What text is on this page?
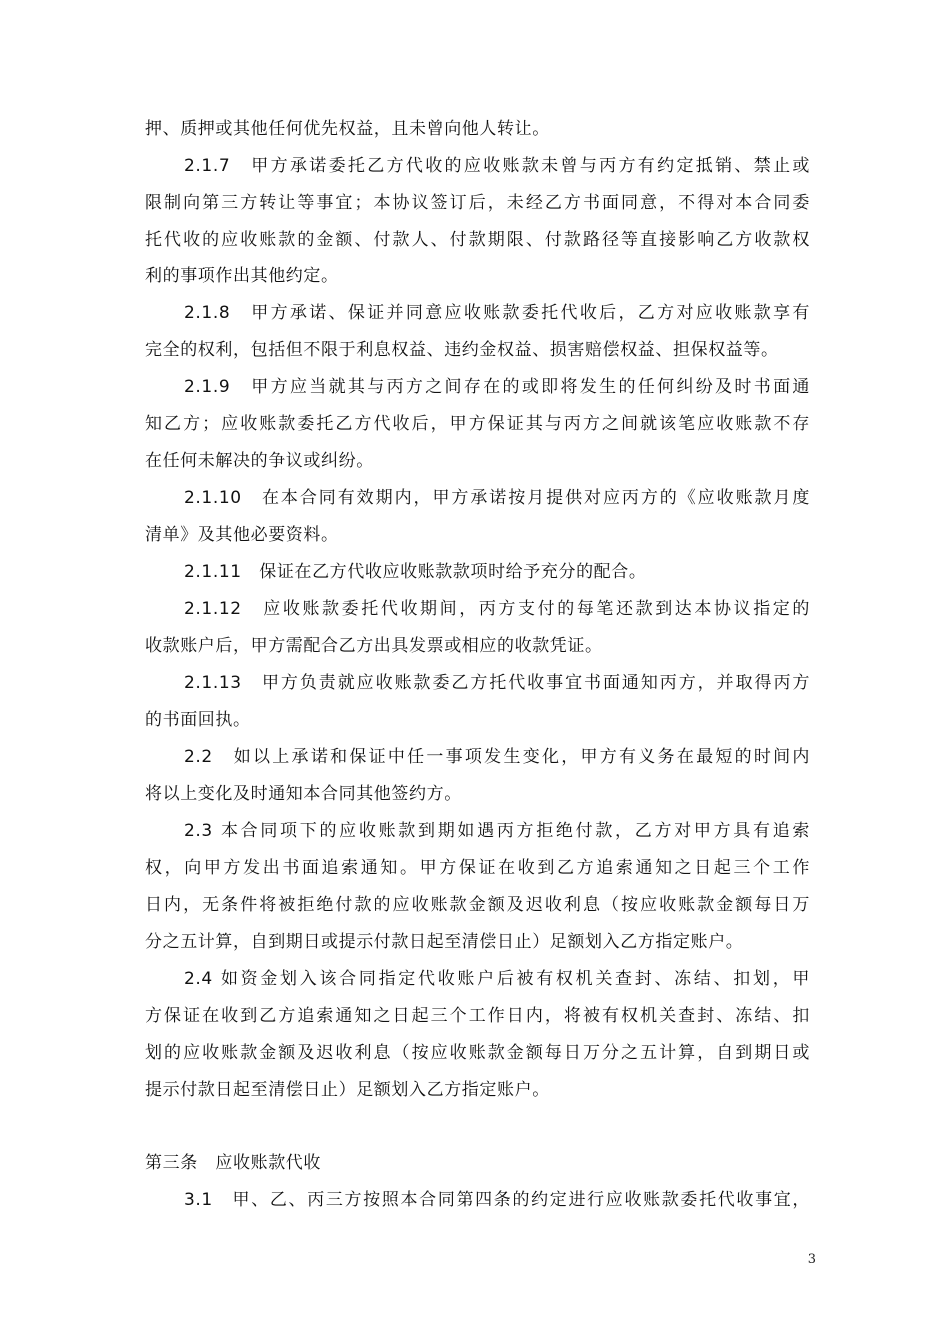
押、质押或其他任何优先权益，且未曾向他人转让。
2.1.7　甲方承诺委托乙方代收的应收账款未曾与丙方有约定抵销、禁止或
限制向第三方转让等事宜；本协议签订后，未经乙方书面同意，不得对本合同委
托代收的应收账款的金额、付款人、付款期限、付款路径等直接影响乙方收款权
利的事项作出其他约定。
2.1.8　甲方承诺、保证并同意应收账款委托代收后，乙方对应收账款享有
完全的权利，包括但不限于利息权益、违约金权益、损害赔偿权益、担保权益等。
2.1.9　甲方应当就其与丙方之间存在的或即将发生的任何纠纷及时书面通
知乙方；应收账款委托乙方代收后，甲方保证其与丙方之间就该笔应收账款不存
在任何未解决的争议或纠纷。
2.1.10　在本合同有效期内，甲方承诺按月提供对应丙方的《应收账款月度
清单》及其他必要资料。
2.1.11　保证在乙方代收应收账款款项时给予充分的配合。
2.1.12　应收账款委托代收期间，丙方支付的每笔还款到达本协议指定的
收款账户后，甲方需配合乙方出具发票或相应的收款凭证。
2.1.13　甲方负责就应收账款委乙方托代收事宜书面通知丙方，并取得丙方
的书面回执。
2.2　如以上承诺和保证中任一事项发生变化，甲方有义务在最短的时间内
将以上变化及时通知本合同其他签约方。
2.3 本合同项下的应收账款到期如遇丙方拒绝付款，乙方对甲方具有追索
权，向甲方发出书面追索通知。甲方保证在收到乙方追索通知之日起三个工作
日内，无条件将被拒绝付款的应收账款金额及迟收利息（按应收账款金额每日万
分之五计算，自到期日或提示付款日起至清偿日止）足额划入乙方指定账户。
2.4 如资金划入该合同指定代收账户后被有权机关查封、冻结、扣划，甲
方保证在收到乙方追索通知之日起三个工作日内，将被有权机关查封、冻结、扣
划的应收账款金额及迟收利息（按应收账款金额每日万分之五计算，自到期日或
提示付款日起至清偿日止）足额划入乙方指定账户。
第三条　应收账款代收
3.1　甲、乙、丙三方按照本合同第四条的约定进行应收账款委托代收事宜，
3
